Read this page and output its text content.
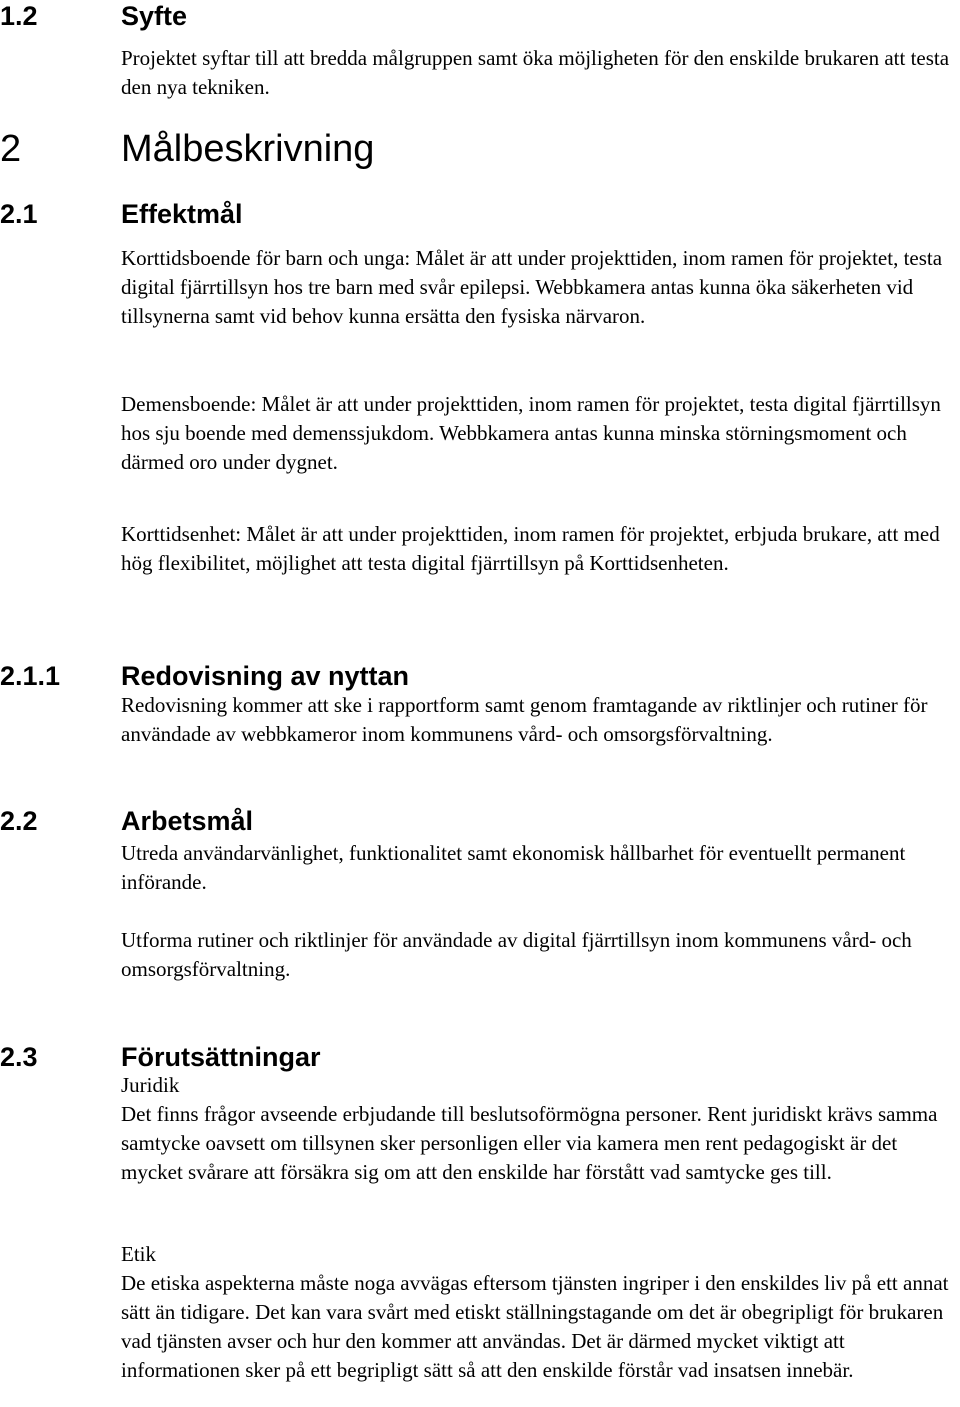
1.2	Syfte

Projektet syftar till att bredda målgruppen samt öka möjligheten för den enskilde brukaren att testa den nya tekniken.

2	Målbeskrivning
2.1	Effektmål

Korttidsboende för barn och unga: Målet är att under projekttiden, inom ramen för projektet, testa digital fjärrtillsyn hos tre barn med svår epilepsi. Webbkamera antas kunna öka säkerheten vid tillsynerna samt vid behov kunna ersätta den fysiska närvaron.

Demensboende: Målet är att under projekttiden, inom ramen för projektet, testa digital fjärrtillsyn hos sju boende med demenssjukdom. Webbkamera antas kunna minska störningsmoment och därmed oro under dygnet.

Korttidsenhet: Målet är att under projekttiden, inom ramen för projektet, erbjuda brukare, att med hög flexibilitet, möjlighet att testa digital fjärrtillsyn på Korttidsenheten.

2.1.1 Redovisning av nyttan

Redovisning kommer att ske i rapportform samt genom framtagande av riktlinjer och rutiner för användade av webbkameror inom kommunens vård- och omsorgsförvaltning.

2.2	Arbetsmål

Utreda användarvänlighet, funktionalitet samt ekonomisk hållbarhet för eventuellt permanent införande.

Utforma rutiner och riktlinjer för användade av digital fjärrtillsyn inom kommunens vård- och omsorgsförvaltning.

2.3	Förutsättningar
Juridik

Det finns frågor avseende erbjudande till beslutsoförmögna personer. Rent juridiskt krävs samma samtycke oavsett om tillsynen sker personligen eller via kamera men rent pedagogiskt är det mycket svårare att försäkra sig om att den enskilde har förstått vad samtycke ges till.

Etik

De etiska aspekterna måste noga avvägas eftersom tjänsten ingriper i den enskildes liv på ett annat sätt än tidigare. Det kan vara svårt med etiskt ställningstagande om det är obegripligt för brukaren vad tjänsten avser och hur den kommer att användas. Det är därmed mycket viktigt att informationen sker på ett begripligt sätt så att den enskilde förstår vad insatsen innebär.
